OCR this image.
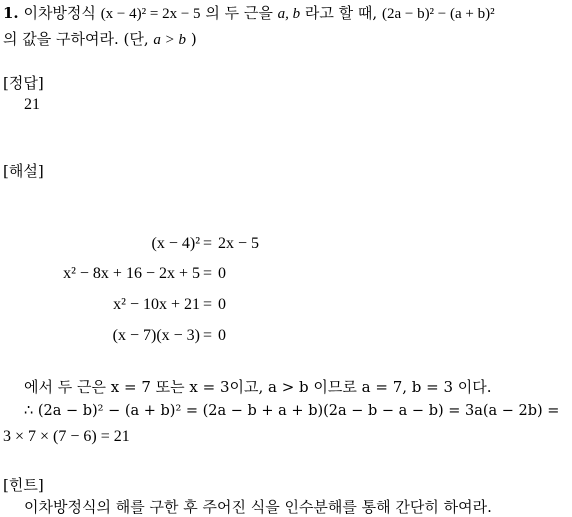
1. 이차방정식 (x − 4)² = 2x − 5 의 두 근을 a, b 라고 할 때, (2a − b)² − (a + b)²
의 값을 구하여라. (단, a > b )
[정답]
21
[해설]
(x − 4)² = 2x − 5
x² − 8x + 16 − 2x + 5 = 0
x² − 10x + 21 = 0
(x − 7)(x − 3) = 0
에서 두 근은 x = 7 또는 x = 3이고, a > b 이므로 a = 7, b = 3 이다.
∴ (2a − b)² − (a + b)² = (2a − b + a + b)(2a − b − a − b) = 3a(a − 2b) =
3 × 7 × (7 − 6) = 21
[힌트]
이차방정식의 해를 구한 후 주어진 식을 인수분해를 통해 간단히 하여라.
